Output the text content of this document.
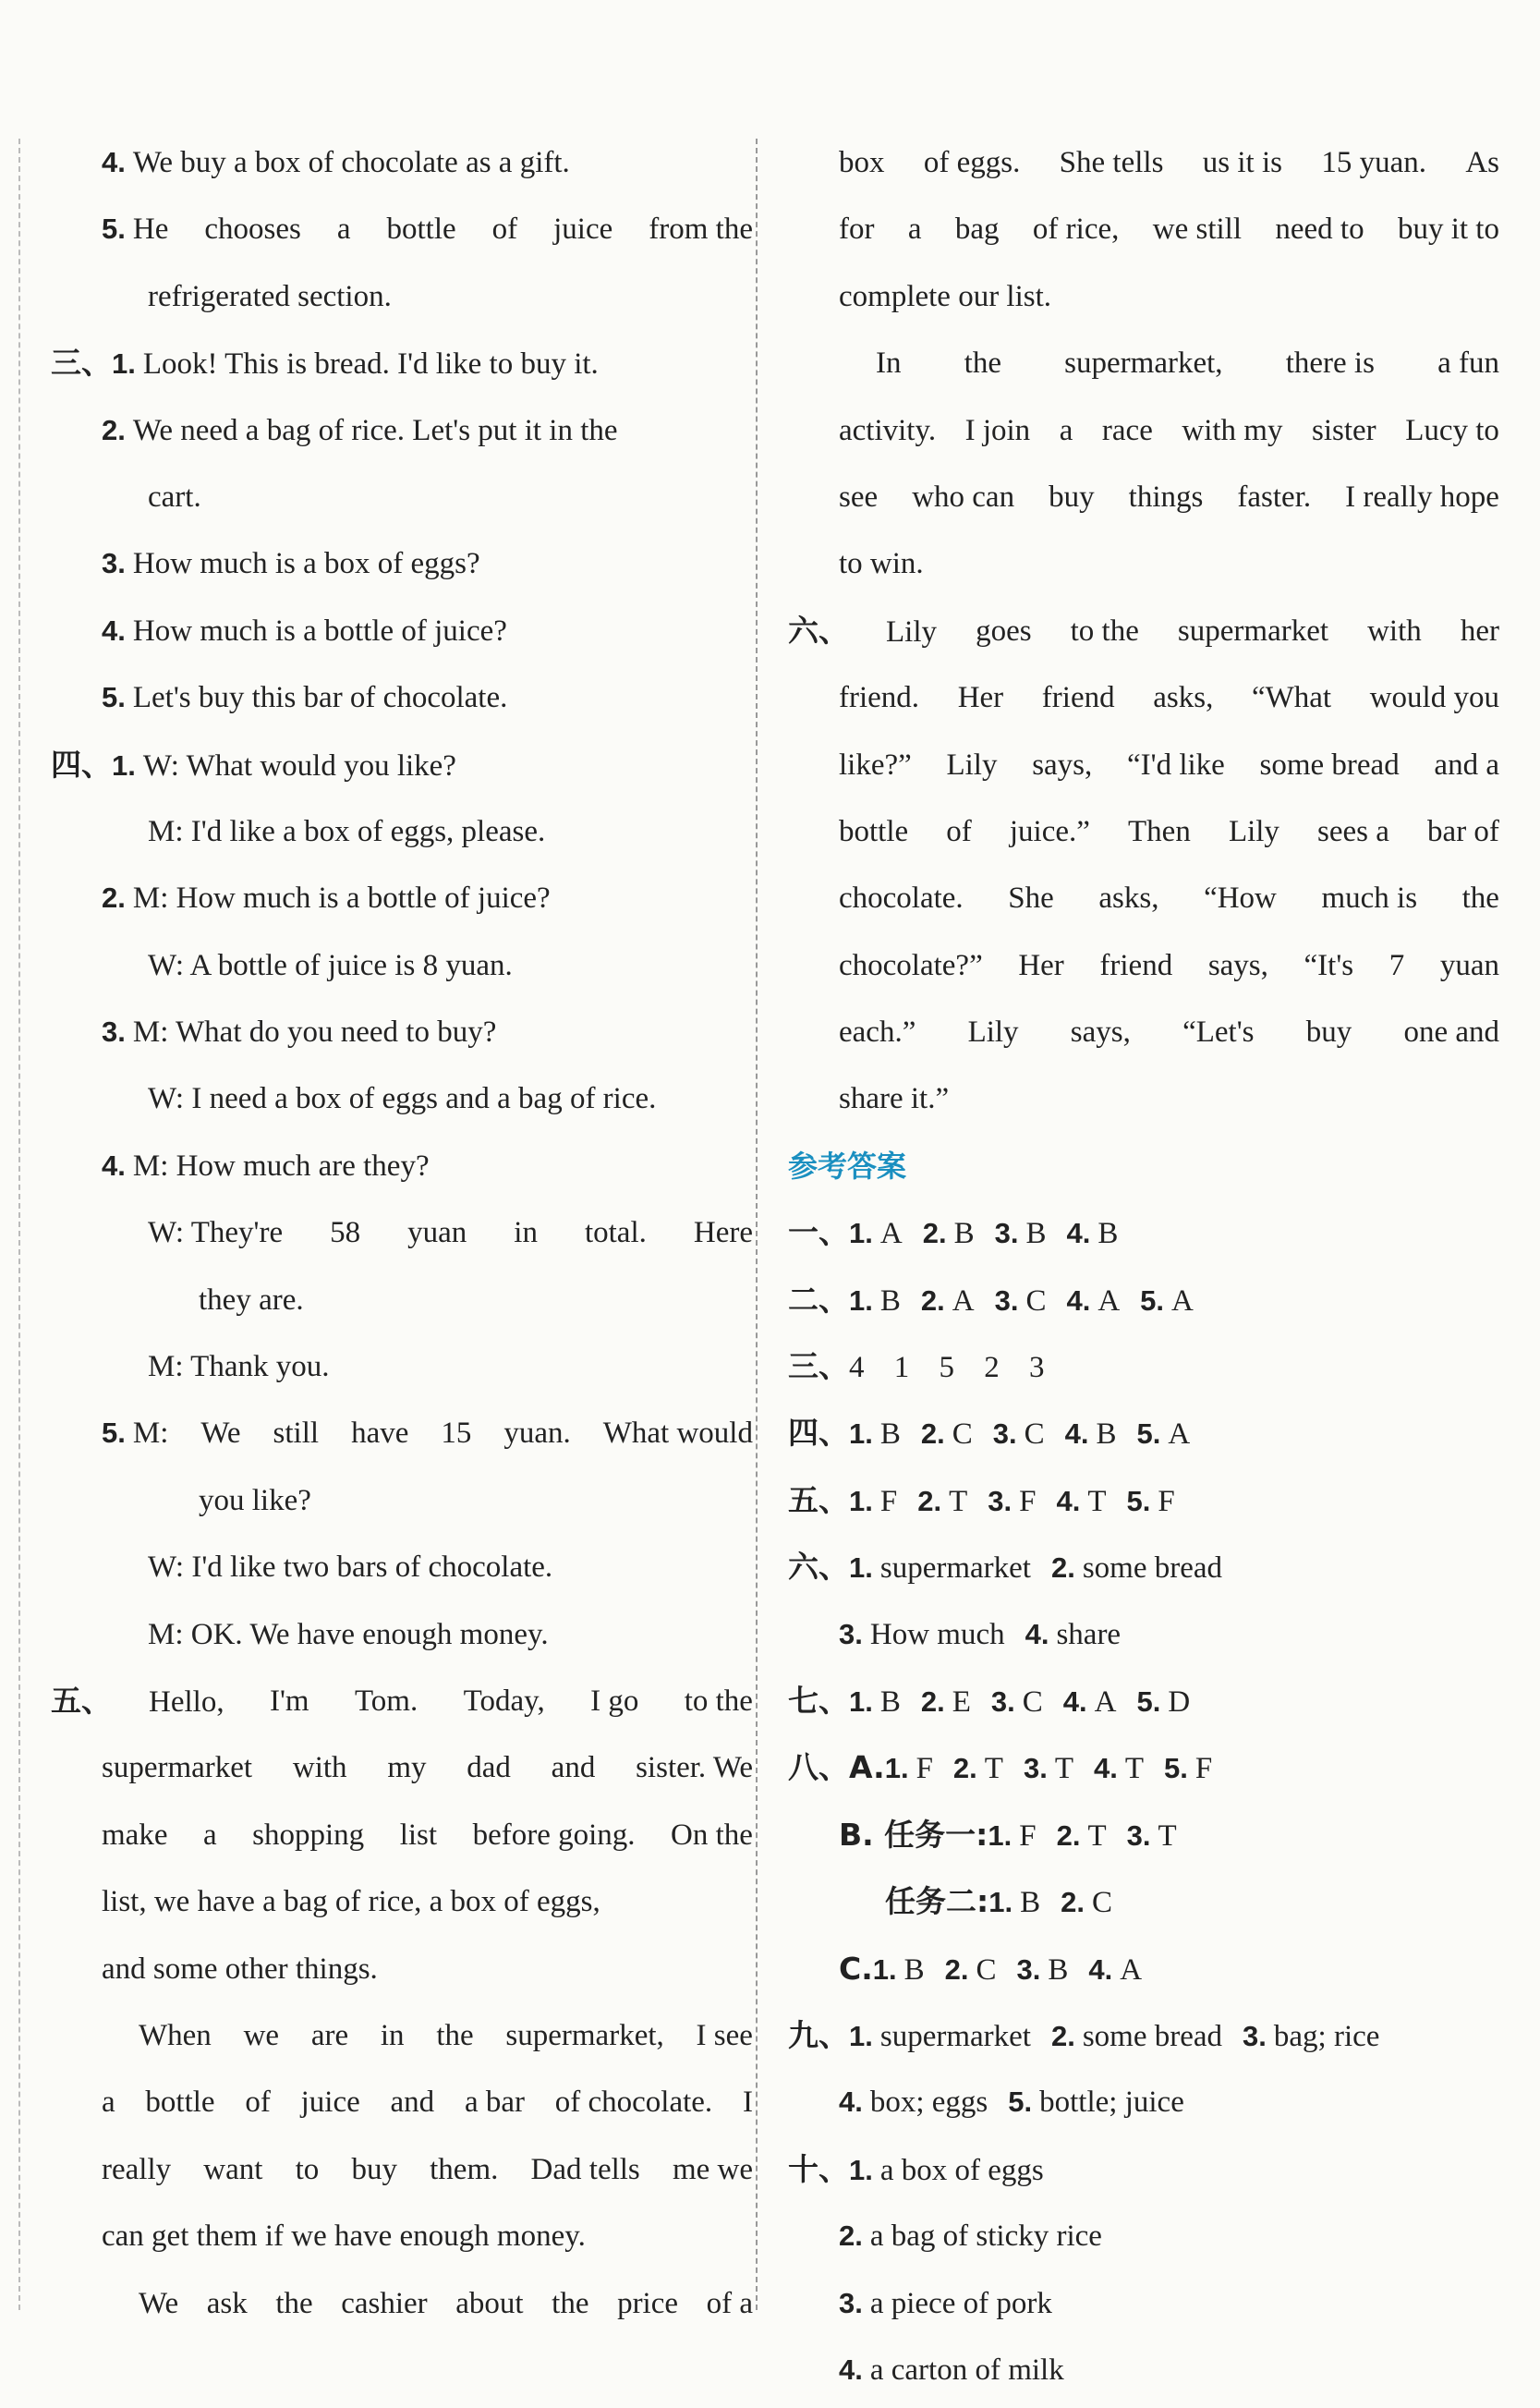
4. We buy a box of chocolate as a gift.
5. He chooses a bottle of juice from the
refrigerated section.
三、1. Look! This is bread. I'd like to buy it.
2. We need a bag of rice. Let's put it in the
cart.
3. How much is a box of eggs?
4. How much is a bottle of juice?
5. Let's buy this bar of chocolate.
四、1. W: What would you like?
M: I'd like a box of eggs, please.
2. M: How much is a bottle of juice?
W: A bottle of juice is 8 yuan.
3. M: What do you need to buy?
W: I need a box of eggs and a bag of rice.
4. M: How much are they?
W: They're 58 yuan in total. Here
they are.
M: Thank you.
5. M: We still have 15 yuan. What would
you like?
W: I'd like two bars of chocolate.
M: OK. We have enough money.
五、 Hello, I'm Tom. Today, I go to the
supermarket with my dad and sister. We
make a shopping list before going. On the
list, we have a bag of rice, a box of eggs,
and some other things.
When we are in the supermarket, I see
a bottle of juice and a bar of chocolate. I
really want to buy them. Dad tells me we
can get them if we have enough money.
We ask the cashier about the price of a
box of eggs. She tells us it is 15 yuan. As
for a bag of rice, we still need to buy it to
complete our list.
In the supermarket, there is a fun
activity. I join a race with my sister Lucy to
see who can buy things faster. I really hope
to win.
六、 Lily goes to the supermarket with her
friend. Her friend asks, “What would you
like?” Lily says, “I'd like some bread and a
bottle of juice.” Then Lily sees a bar of
chocolate. She asks, “How much is the
chocolate?” Her friend says, “It's 7 yuan
each.” Lily says, “Let's buy one and
share it.”
参考答案
一、1. A 2. B 3. B 4. B
二、1. B 2. A 3. C 4. A 5. A
三、4 1 5 2 3
四、1. B 2. C 3. C 4. B 5. A
五、1. F 2. T 3. F 4. T 5. F
六、1. supermarket 2. some bread
3. How much 4. share
七、1. B 2. E 3. C 4. A 5. D
八、A.1. F 2. T 3. T 4. T 5. F
B. 任务一:1. F 2. T 3. T
任务二:1. B 2. C
C.1. B 2. C 3. B 4. A
九、1. supermarket 2. some bread 3. bag; rice
4. box; eggs 5. bottle; juice
十、1. a box of eggs
2. a bag of sticky rice
3. a piece of pork
4. a carton of milk
